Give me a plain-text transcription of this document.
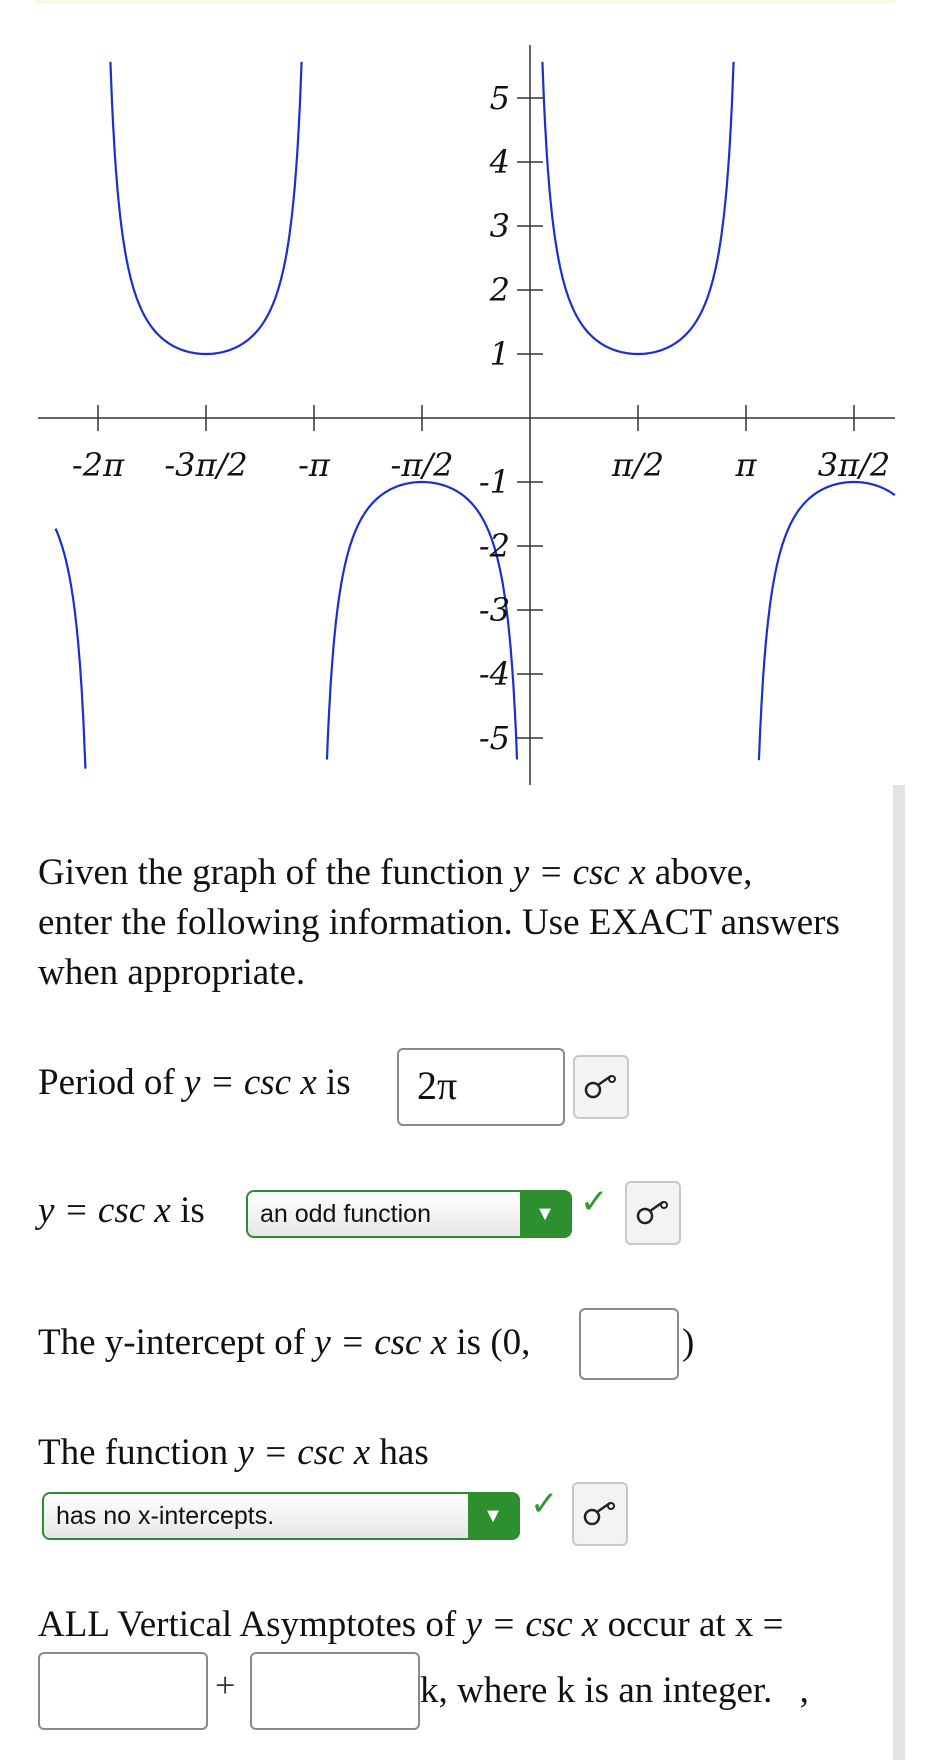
-2π -3π/2 -π -π/2	π/2 π 3π/2
5
4
3
2
1
-1
-2
-3
-4
-5
Given the graph of the function y = csc x above,
enter the following information. Use EXACT answers
when appropriate.
Period of y = csc x is	2π
y = csc x is an odd function	▼ ✓
The y-intercept of y = csc x is (0,	)
The function y = csc x has
has no x-intercepts.	▼ ✓
ALL Vertical Asymptotes of y = csc x occur at x =
+	k, where k is an integer. ,
